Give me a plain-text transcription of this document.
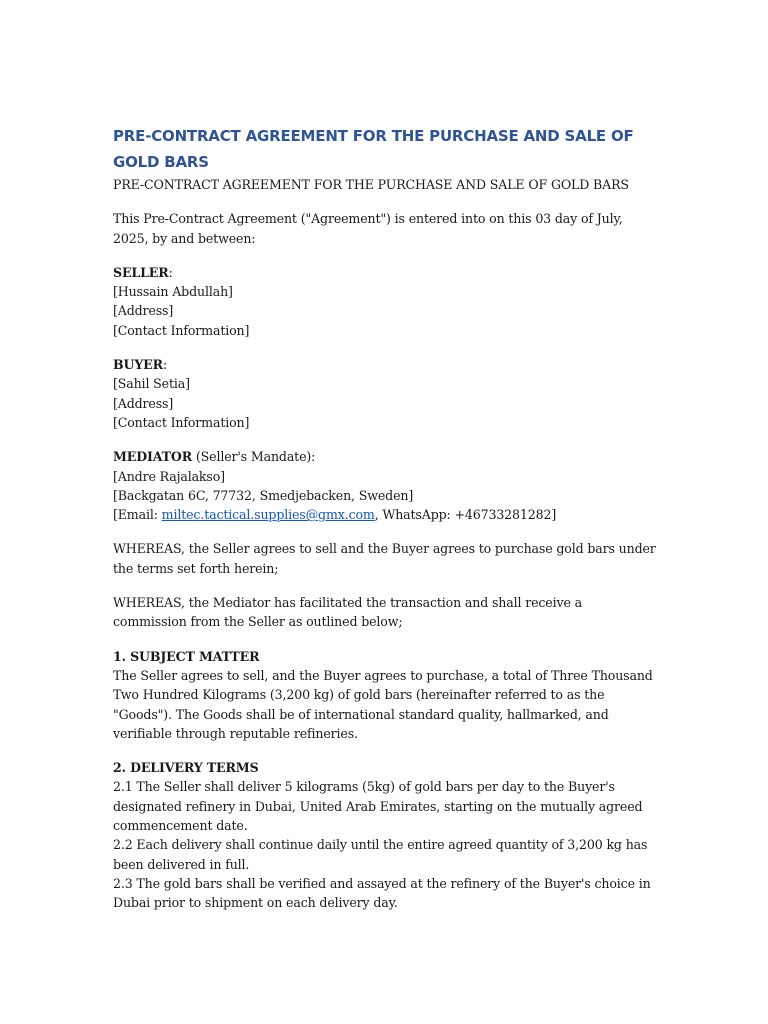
PRE-CONTRACT AGREEMENT FOR THE PURCHASE AND SALE OF GOLD BARS

PRE-CONTRACT AGREEMENT FOR THE PURCHASE AND SALE OF GOLD BARS

This Pre-Contract Agreement ("Agreement") is entered into on this 03 day of July, 2025, by and between:

SELLER:

[Hussain Abdullah]

[Address]

[Contact Information]

BUYER:

[Sahil Setia]

[Address]

[Contact Information]

MEDIATOR (Seller's Mandate):

[Andre Rajalakso]

[Backgatan 6C, 77732, Smedjebacken, Sweden]

[Email: miltec.tactical.supplies@gmx.com, WhatsApp: +46733281282]

WHEREAS, the Seller agrees to sell and the Buyer agrees to purchase gold bars under the terms set forth herein;

WHEREAS, the Mediator has facilitated the transaction and shall receive a commission from the Seller as outlined below;

1. SUBJECT MATTER

The Seller agrees to sell, and the Buyer agrees to purchase, a total of Three Thousand Two Hundred Kilograms (3,200 kg) of gold bars (hereinafter referred to as the "Goods"). The Goods shall be of international standard quality, hallmarked, and verifiable through reputable refineries.

2. DELIVERY TERMS

2.1 The Seller shall deliver 5 kilograms (5kg) of gold bars per day to the Buyer's designated refinery in Dubai, United Arab Emirates, starting on the mutually agreed commencement date.

2.2 Each delivery shall continue daily until the entire agreed quantity of 3,200 kg has been delivered in full.

2.3 The gold bars shall be verified and assayed at the refinery of the Buyer's choice in Dubai prior to shipment on each delivery day.
